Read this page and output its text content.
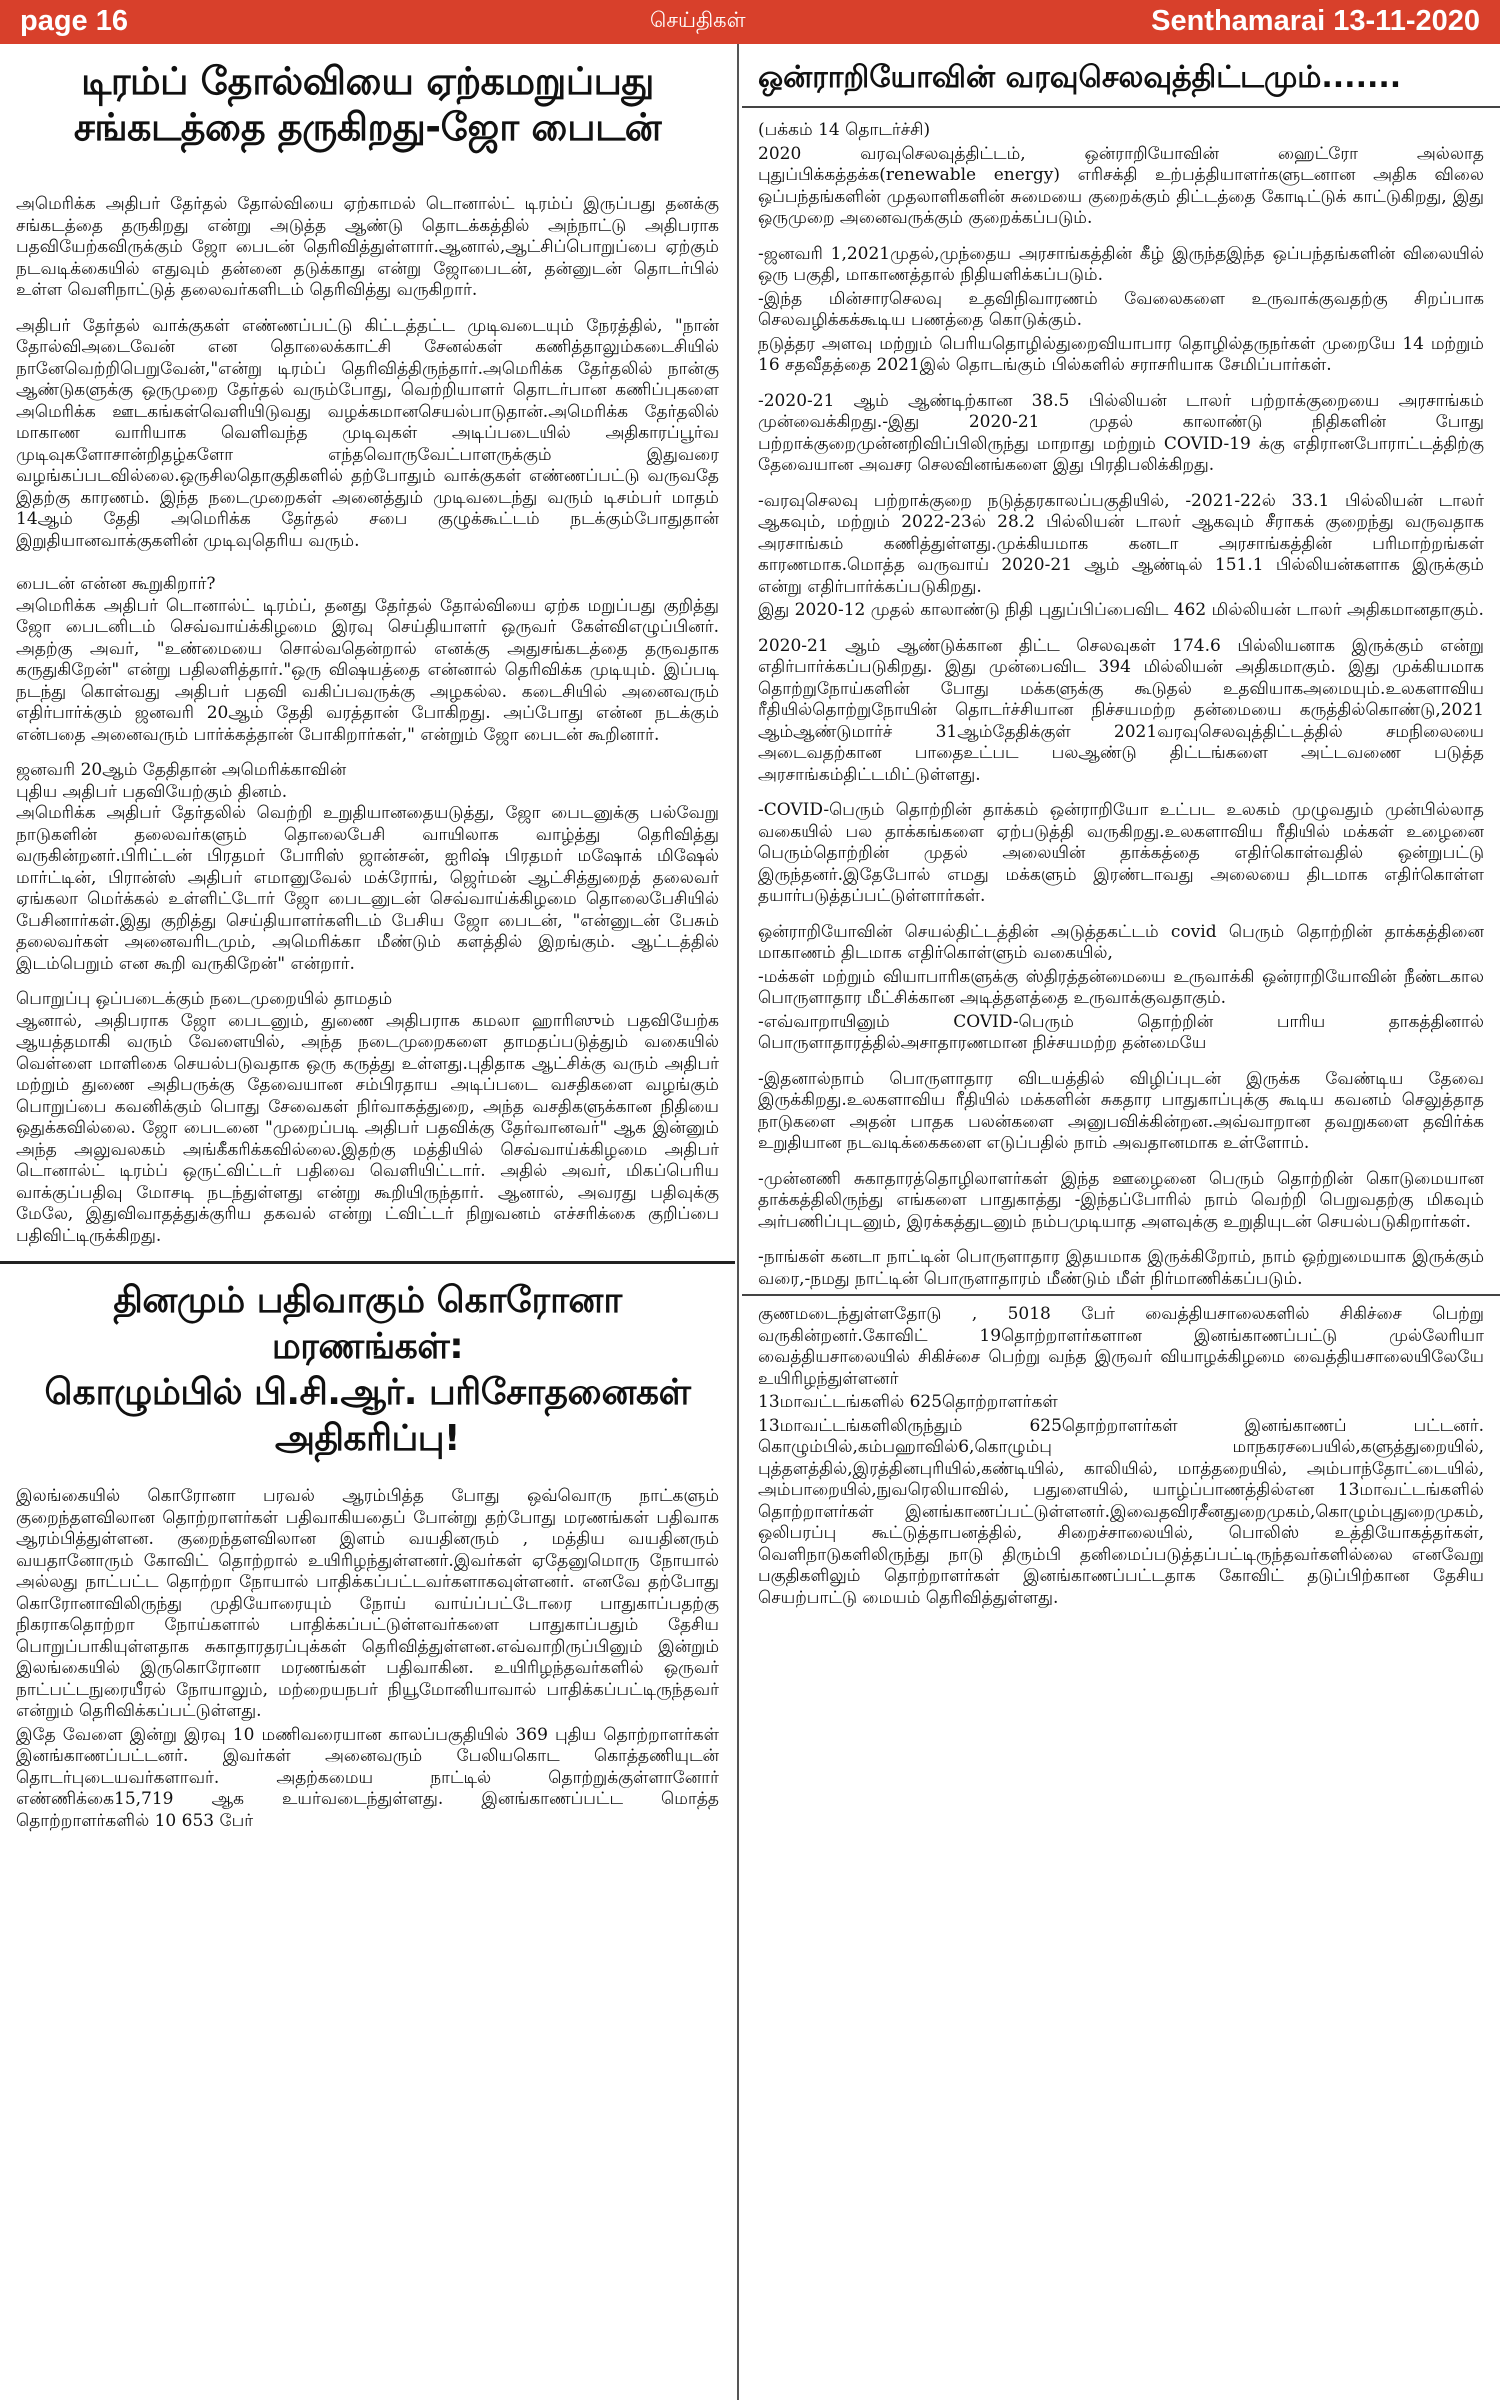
page 16	செய்திகள்	Senthamarai 13-11-2020
டிரம்ப் தோல்வியை ஏற்கமறுப்பது
சங்கடத்தை தருகிறது-ஜோ பைடன்

அமெரிக்க அதிபர் தேர்தல் தோல்வியை ஏற்காமல் டொனால்ட் டிரம்ப் இருப்பது தனக்கு சங்கடத்தை தருகிறது என்று அடுத்த ஆண்டு தொடக்கத்தில் அந்நாட்டு அதிபராக பதவியேற்கவிருக்கும் ஜோ பைடன் தெரிவித்துள்ளார்.ஆனால்,ஆட்சிப்பொறுப்பை ஏற்கும் நடவடிக்கையில் எதுவும் தன்னை தடுக்காது என்று ஜோபைடன், தன்னுடன் தொடர்பில் உள்ள வெளிநாட்டுத் தலைவர்களிடம் தெரிவித்து வருகிறார்.

அதிபர் தேர்தல் வாக்குகள் எண்ணப்பட்டு கிட்டத்தட்ட முடிவடையும் நேரத்தில், "நான் தோல்விஅடைவேன் என தொலைக்காட்சி சேனல்கள் கணித்தாலும்கடைசியில் நானேவெற்றிபெறுவேன்,"என்று டிரம்ப் தெரிவித்திருந்தார்.அமெரிக்க தேர்தலில் நான்கு ஆண்டுகளுக்கு ஒருமுறை தேர்தல் வரும்போது, வெற்றியாளர் தொடர்பான கணிப்புகளை அமெரிக்க ஊடகங்கள்வெளியிடுவது வழக்கமானசெயல்பாடுதான்.அமெரிக்க தேர்தலில் மாகாண வாரியாக வெளிவந்த முடிவுகள் அடிப்படையில் அதிகாரப்பூர்வ முடிவுகளோசான்றிதழ்களோ எந்தவொருவேட்பாளருக்கும் இதுவரை வழங்கப்படவில்லை.ஒருசிலதொகுதிகளில் தற்போதும் வாக்குகள் எண்ணப்பட்டு வருவதே இதற்கு காரணம். இந்த நடைமுறைகள் அனைத்தும் முடிவடைந்து வரும் டிசம்பர் மாதம் 14ஆம் தேதி அமெரிக்க தேர்தல் சபை குழுக்கூட்டம் நடக்கும்போதுதான் இறுதியானவாக்குகளின் முடிவுதெரிய வரும்.

பைடன் என்ன கூறுகிறார்?

அமெரிக்க அதிபர் டொனால்ட் டிரம்ப், தனது தேர்தல் தோல்வியை ஏற்க மறுப்பது குறித்து ஜோ பைடனிடம் செவ்வாய்க்கிழமை இரவு செய்தியாளர் ஒருவர் கேள்விஎழுப்பினர். அதற்கு அவர், "உண்மையை சொல்வதென்றால் எனக்கு அதுசங்கடத்தை தருவதாக கருதுகிறேன்" என்று பதிலளித்தார்."ஒரு விஷயத்தை என்னால் தெரிவிக்க முடியும். இப்படி நடந்து கொள்வது அதிபர் பதவி வகிப்பவருக்கு அழகல்ல. கடைசியில் அனைவரும் எதிர்பார்க்கும் ஜனவரி 20ஆம் தேதி வரத்தான் போகிறது. அப்போது என்ன நடக்கும் என்பதை அனைவரும் பார்க்கத்தான் போகிறார்கள்," என்றும் ஜோ பைடன் கூறினார்.

ஜனவரி 20ஆம் தேதிதான் அமெரிக்காவின்

புதிய அதிபர் பதவியேற்கும் தினம்.

அமெரிக்க அதிபர் தேர்தலில் வெற்றி உறுதியானதையடுத்து, ஜோ பைடனுக்கு பல்வேறு நாடுகளின் தலைவர்களும் தொலைபேசி வாயிலாக வாழ்த்து தெரிவித்து வருகின்றனர்.பிரிட்டன் பிரதமர் போரிஸ் ஜான்சன், ஐரிஷ் பிரதமர் மஷோக் மிஷேல் மார்ட்டின், பிரான்ஸ் அதிபர் எமானுவேல் மக்ரோங், ஜெர்மன் ஆட்சித்துறைத் தலைவர் ஏங்கலா மெர்க்கல் உள்ளிட்டோர் ஜோ பைடனுடன் செவ்வாய்க்கிழமை தொலைபேசியில் பேசினார்கள்.இது குறித்து செய்தியாளர்களிடம் பேசிய ஜோ பைடன், "என்னுடன் பேசும் தலைவர்கள் அனைவரிடமும், அமெரிக்கா மீண்டும் களத்தில் இறங்கும். ஆட்டத்தில் இடம்பெறும் என கூறி வருகிறேன்" என்றார்.

பொறுப்பு ஒப்படைக்கும் நடைமுறையில் தாமதம்

ஆனால், அதிபராக ஜோ பைடனும், துணை அதிபராக கமலா ஹாரிஸும் பதவியேற்க ஆயத்தமாகி வரும் வேளையில், அந்த நடைமுறைகளை தாமதப்படுத்தும் வகையில் வெள்ளை மாளிகை செயல்படுவதாக ஒரு கருத்து உள்ளது.புதிதாக ஆட்சிக்கு வரும் அதிபர் மற்றும் துணை அதிபருக்கு தேவையான சம்பிரதாய அடிப்படை வசதிகளை வழங்கும் பொறுப்பை கவனிக்கும் பொது சேவைகள் நிர்வாகத்துறை, அந்த வசதிகளுக்கான நிதியை ஒதுக்கவில்லை. ஜோ பைடனை "முறைப்படி அதிபர் பதவிக்கு தேர்வானவர்" ஆக இன்னும் அந்த அலுவலகம் அங்கீகரிக்கவில்லை.இதற்கு மத்தியில் செவ்வாய்க்கிழமை அதிபர் டொனால்ட் டிரம்ப் ஒருட்விட்டர் பதிவை வெளியிட்டார். அதில் அவர், மிகப்பெரிய வாக்குப்பதிவு மோசடி நடந்துள்ளது என்று கூறியிருந்தார். ஆனால், அவரது பதிவுக்கு மேலே, இதுவிவாதத்துக்குரிய தகவல் என்று ட்விட்டர் நிறுவனம் எச்சரிக்கை குறிப்பை பதிவிட்டிருக்கிறது.

தினமும் பதிவாகும் கொரோனா மரணங்கள்:
கொழும்பில் பி.சி.ஆர். பரிசோதனைகள் அதிகரிப்பு!

இலங்கையில் கொரோனா பரவல் ஆரம்பித்த போது ஒவ்வொரு நாட்களும் குறைந்தளவிலான தொற்றாளர்கள் பதிவாகியதைப் போன்று தற்போது மரணங்கள் பதிவாக ஆரம்பித்துள்ளன. குறைந்தளவிலான இளம் வயதினரும் , மத்திய வயதினரும் வயதானோரும் கோவிட் தொற்றால் உயிரிழந்துள்ளனர்.இவர்கள் ஏதேனுமொரு நோயால் அல்லது நாட்பட்ட தொற்றா நோயால் பாதிக்கப்பட்டவர்களாகவுள்ளனர். எனவே தற்போது கொரோனாவிலிருந்து முதியோரையும் நோய் வாய்ப்பட்டோரை பாதுகாப்பதற்கு நிகராகதொற்றா நோய்களால் பாதிக்கப்பட்டுள்ளவர்களை பாதுகாப்பதும் தேசிய பொறுப்பாகியுள்ளதாக சுகாதாரதரப்புக்கள் தெரிவித்துள்ளன.எவ்வாறிருப்பினும் இன்றும் இலங்கையில் இருகொரோனா மரணங்கள் பதிவாகின. உயிரிழந்தவர்களில் ஒருவர் நாட்பட்டநுரையீரல் நோயாலும், மற்றையநபர் நியூமோனியாவால் பாதிக்கப்பட்டிருந்தவர் என்றும் தெரிவிக்கப்பட்டுள்ளது.

இதே வேளை இன்று இரவு 10 மணிவரையான காலப்பகுதியில் 369 புதிய தொற்றாளர்கள் இனங்காணப்பட்டனர். இவர்கள் அனைவரும் பேலியகொட கொத்தணியுடன் தொடர்புடையவர்களாவர். அதற்கமைய நாட்டில் தொற்றுக்குள்ளானோர் எண்ணிக்கை15,719 ஆக உயர்வடைந்துள்ளது. இனங்காணப்பட்ட மொத்த தொற்றாளர்களில் 10 653 பேர்

ஒன்ராறியோவின் வரவுசெலவுத்திட்டமும்.......

(பக்கம் 14 தொடர்ச்சி)

2020 வரவுசெலவுத்திட்டம், ஒன்ராறியோவின் ஹைட்ரோ அல்லாத புதுப்பிக்கத்தக்க(renewable energy) எரிசக்தி உற்பத்தியாளர்களுடனான அதிக விலை ஒப்பந்தங்களின் முதலாளிகளின் சுமையை குறைக்கும் திட்டத்தை கோடிட்டுக் காட்டுகிறது, இது ஒருமுறை அனைவருக்கும் குறைக்கப்படும்.

-ஜனவரி 1,2021முதல்,முந்தைய அரசாங்கத்தின் கீழ் இருந்தஇந்த ஒப்பந்தங்களின் விலையில் ஒரு பகுதி, மாகாணத்தால் நிதியளிக்கப்படும்.

-இந்த மின்சாரசெலவு உதவிநிவாரணம் வேலைகளை உருவாக்குவதற்கு சிறப்பாக செலவழிக்கக்கூடிய பணத்தை கொடுக்கும்.

நடுத்தர அளவு மற்றும் பெரியதொழில்துறைவியாபார தொழில்தருநர்கள் முறையே 14 மற்றும் 16 சதவீதத்தை 2021இல் தொடங்கும் பில்களில் சராசரியாக சேமிப்பார்கள்.

-2020-21 ஆம் ஆண்டிற்கான 38.5 பில்லியன் டாலர் பற்றாக்குறையை அரசாங்கம் முன்வைக்கிறது.-இது 2020-21 முதல் காலாண்டு நிதிகளின் போது பற்றாக்குறைமுன்னறிவிப்பிலிருந்து மாறாது மற்றும் COVID-19 க்கு எதிரானபோராட்டத்திற்கு தேவையான அவசர செலவினங்களை இது பிரதிபலிக்கிறது.

-வரவுசெலவு பற்றாக்குறை நடுத்தரகாலப்பகுதியில், -2021-22ல் 33.1 பில்லியன் டாலர் ஆகவும், மற்றும் 2022-23ல் 28.2 பில்லியன் டாலர் ஆகவும் சீராகக் குறைந்து வருவதாக அரசாங்கம் கணித்துள்ளது.முக்கியமாக கனடா அரசாங்கத்தின் பரிமாற்றங்கள் காரணமாக.மொத்த வருவாய் 2020-21 ஆம் ஆண்டில் 151.1 பில்லியன்களாக இருக்கும் என்று எதிர்பார்க்கப்படுகிறது.

இது 2020-12 முதல் காலாண்டு நிதி புதுப்பிப்பைவிட 462 மில்லியன் டாலர் அதிகமானதாகும்.

2020-21 ஆம் ஆண்டுக்கான திட்ட செலவுகள் 174.6 பில்லியனாக இருக்கும் என்று எதிர்பார்க்கப்படுகிறது. இது முன்பைவிட 394 மில்லியன் அதிகமாகும். இது முக்கியமாக தொற்றுநோய்களின் போது மக்களுக்கு கூடுதல் உதவியாகஅமையும்.உலகளாவிய ரீதியில்தொற்றுநோயின் தொடர்ச்சியான நிச்சயமற்ற தன்மையை கருத்தில்கொண்டு,2021 ஆம்ஆண்டுமார்ச் 31ஆம்தேதிக்குள் 2021வரவுசெலவுத்திட்டத்தில் சமநிலையை அடைவதற்கான பாதைஉட்பட பலஆண்டு திட்டங்களை அட்டவணை படுத்த அரசாங்கம்திட்டமிட்டுள்ளது.

-COVID-பெரும் தொற்றின் தாக்கம் ஒன்ராறியோ உட்பட உலகம் முழுவதும் முன்பில்லாத வகையில் பல தாக்கங்களை ஏற்படுத்தி வருகிறது.உலகளாவிய ரீதியில் மக்கள் உழைனை பெரும்தொற்றின் முதல் அலையின் தாக்கத்தை எதிர்கொள்வதில் ஒன்றுபட்டு இருந்தனர்.இதேபோல் எமது மக்களும் இரண்டாவது அலையை திடமாக எதிர்கொள்ள தயார்படுத்தப்பட்டுள்ளார்கள்.

ஒன்ராறியோவின் செயல்திட்டத்தின் அடுத்தகட்டம் covid பெரும் தொற்றின் தாக்கத்தினை மாகாணம் திடமாக எதிர்கொள்ளும் வகையில்,

-மக்கள் மற்றும் வியாபாரிகளுக்கு ஸ்திரத்தன்மையை உருவாக்கி ஒன்ராறியோவின் நீண்டகால பொருளாதார மீட்சிக்கான அடித்தளத்தை உருவாக்குவதாகும்.

-எவ்வாறாயினும் COVID-பெரும் தொற்றின் பாரிய தாகத்தினால் பொருளாதாரத்தில்அசாதாரணமான நிச்சயமற்ற தன்மையே

-இதனால்நாம் பொருளாதார விடயத்தில் விழிப்புடன் இருக்க வேண்டிய தேவை இருக்கிறது.உலகளாவிய ரீதியில் மக்களின் சுகதார பாதுகாப்புக்கு கூடிய கவனம் செலுத்தாத நாடுகளை அதன் பாதக பலன்களை அனுபவிக்கின்றன.அவ்வாறான தவறுகளை தவிர்க்க உறுதியான நடவடிக்கைகளை எடுப்பதில் நாம் அவதானமாக உள்ளோம்.

-முன்னணி சுகாதாரத்தொழிலாளர்கள் இந்த ஊழைனை பெரும் தொற்றின் கொடுமையான தாக்கத்திலிருந்து எங்களை பாதுகாத்து -இந்தப்போரில் நாம் வெற்றி பெறுவதற்கு மிகவும் அர்பணிப்புடனும், இரக்கத்துடனும் நம்பமுடியாத அளவுக்கு உறுதியுடன் செயல்படுகிறார்கள்.

-நாங்கள் கனடா நாட்டின் பொருளாதார இதயமாக இருக்கிறோம், நாம் ஒற்றுமையாக இருக்கும் வரை,-நமது நாட்டின் பொருளாதாரம் மீண்டும் மீள் நிர்மாணிக்கப்படும்.

குணமடைந்துள்ளதோடு , 5018 பேர் வைத்தியசாலைகளில் சிகிச்சை பெற்று வருகின்றனர்.கோவிட் 19தொற்றாளர்களான இனங்காணப்பட்டு முல்லேரியா வைத்தியசாலையில் சிகிச்சை பெற்று வந்த இருவர் வியாழக்கிழமை வைத்தியசாலையிலேயே உயிரிழந்துள்ளனர்

13மாவட்டங்களில் 625தொற்றாளர்கள்

13மாவட்டங்களிலிருந்தும் 625தொற்றாளர்கள் இனங்காணப் பட்டனர். கொழும்பில்,கம்பஹாவில்6,கொழும்பு மாநகரசபையில்,களுத்துறையில், புத்தளத்தில்,இரத்தினபுரியில்,கண்டியில், காலியில், மாத்தறையில், அம்பாந்தோட்டையில், அம்பாறையில்,நுவரெலியாவில், பதுளையில், யாழ்ப்பாணத்தில்என 13மாவட்டங்களில் தொற்றாளர்கள் இனங்காணப்பட்டுள்ளனர்.இவைதவிரசீனதுறைமுகம்,கொழும்புதுறைமுகம், ஒலிபரப்பு கூட்டுத்தாபனத்தில், சிறைச்சாலையில், பொலிஸ் உத்தியோகத்தர்கள், வெளிநாடுகளிலிருந்து நாடு திரும்பி தனிமைப்படுத்தப்பட்டிருந்தவர்களில்லை எனவேறு பகுதிகளிலும் தொற்றாளர்கள் இனங்காணப்பட்டதாக கோவிட் தடுப்பிற்கான தேசிய செயற்பாட்டு மையம் தெரிவித்துள்ளது.
